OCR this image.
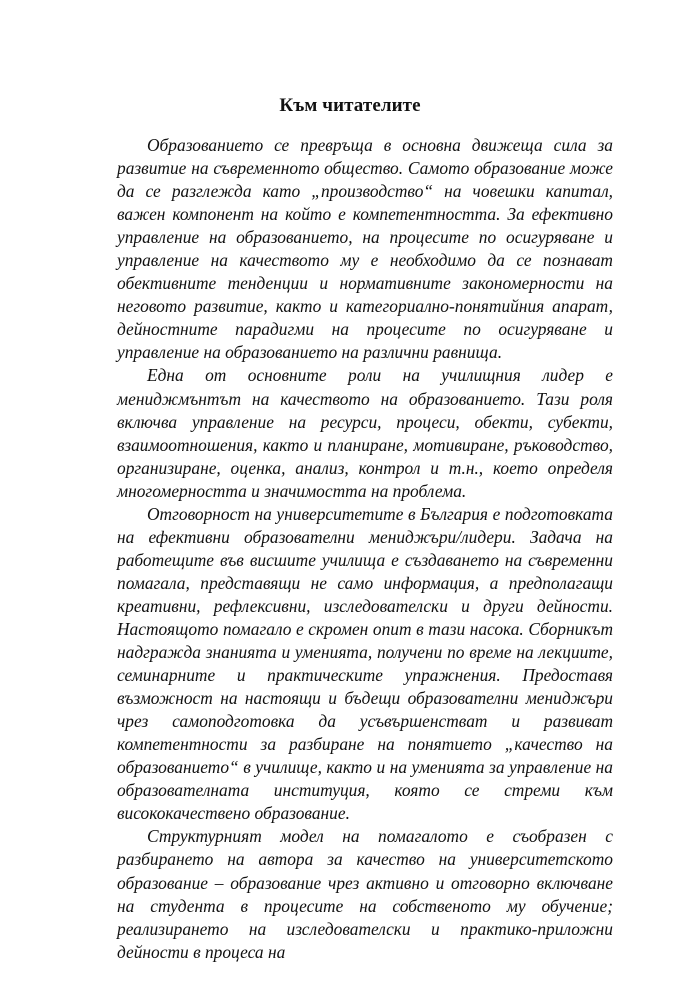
Към читателите

Образованието се превръща в основна движеща сила за развитие на съвременното общество. Самото образование може да се разглежда като „производство“ на човешки капитал, важен компонент на който е компетентността. За ефективно управление на образованието, на процесите по осигуряване и управление на качеството му е необходимо да се познават обективните тенденции и нормативните закономерности на неговото развитие, както и категориално-понятийния апарат, дейностните парадигми на процесите по осигуряване и управление на образованието на различни равнища.

Една от основните роли на училищния лидер е мениджмънтът на качеството на образованието. Тази роля включва управление на ресурси, процеси, обекти, субекти, взаимоотношения, както и планиране, мотивиране, ръководство, организиране, оценка, анализ, контрол и т.н., което определя многомерността и значимостта на проблема.

Отговорност на университетите в България е подготовката на ефективни образователни мениджъри/лидери. Задача на работещите във висшите училища е създаването на съвременни помагала, представящи не само информация, а предполагащи креативни, рефлексивни, изследователски и други дейности. Настоящото помагало е скромен опит в тази насока. Сборникът надгражда знанията и уменията, получени по време на лекциите, семинарните и практическите упражнения. Предоставя възможност на настоящи и бъдещи образователни мениджъри чрез самоподготовка да усъвършенстват и развиват компетентности за разбиране на понятието „качество на образованието“ в училище, както и на уменията за управление на образователната институция, която се стреми към висококачествено образование.

Структурният модел на помагалото е съобразен с разбирането на автора за качество на университетското образование – образование чрез активно и отговорно включване на студента в процесите на собственото му обучение; реализирането на изследователски и практико-приложни дейности в процеса на
